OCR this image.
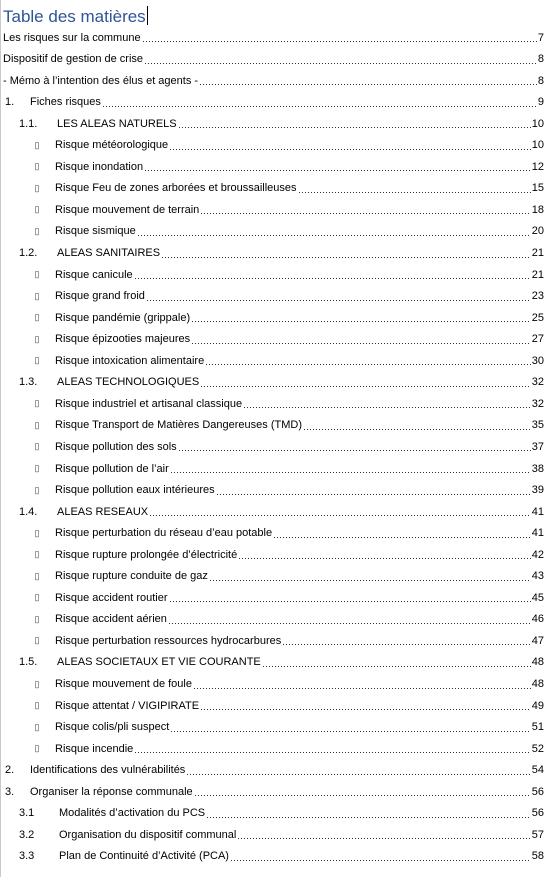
Table des matières
Les risques sur la commune	7
Dispositif de gestion de crise	8
- Mémo à l’intention des élus et agents -	8
1.	Fiches risques	9
1.1.	LES ALEAS NATURELS	10
▯	Risque météorologique	10
▯	Risque inondation	12
▯	Risque Feu de zones arborées et broussailleuses	15
▯	Risque mouvement de terrain	18
▯	Risque sismique	20
1.2.	ALEAS SANITAIRES	21
▯	Risque canicule	21
▯	Risque grand froid	23
▯	Risque pandémie (grippale)	25
▯	Risque épizooties majeures	27
▯	Risque intoxication alimentaire	30
1.3.	ALEAS TECHNOLOGIQUES	32
▯	Risque industriel et artisanal classique	32
▯	Risque Transport de Matières Dangereuses (TMD)	35
▯	Risque pollution des sols	37
▯	Risque pollution de l’air	38
▯	Risque pollution eaux intérieures	39
1.4.	ALEAS RESEAUX	41
▯	Risque perturbation du réseau d’eau potable	41
▯	Risque rupture prolongée d’électricité	42
▯	Risque rupture conduite de gaz	43
▯	Risque accident routier	45
▯	Risque accident aérien	46
▯	Risque perturbation ressources hydrocarbures	47
1.5.	ALEAS SOCIETAUX ET VIE COURANTE	48
▯	Risque mouvement de foule	48
▯	Risque attentat / VIGIPIRATE	49
▯	Risque colis/pli suspect	51
▯	Risque incendie	52
2.	Identifications des vulnérabilités	54
3.	Organiser la réponse communale	56
3.1	Modalités d’activation du PCS	56
3.2	Organisation du dispositif communal	57
3.3	Plan de Continuité d’Activité (PCA)	58
